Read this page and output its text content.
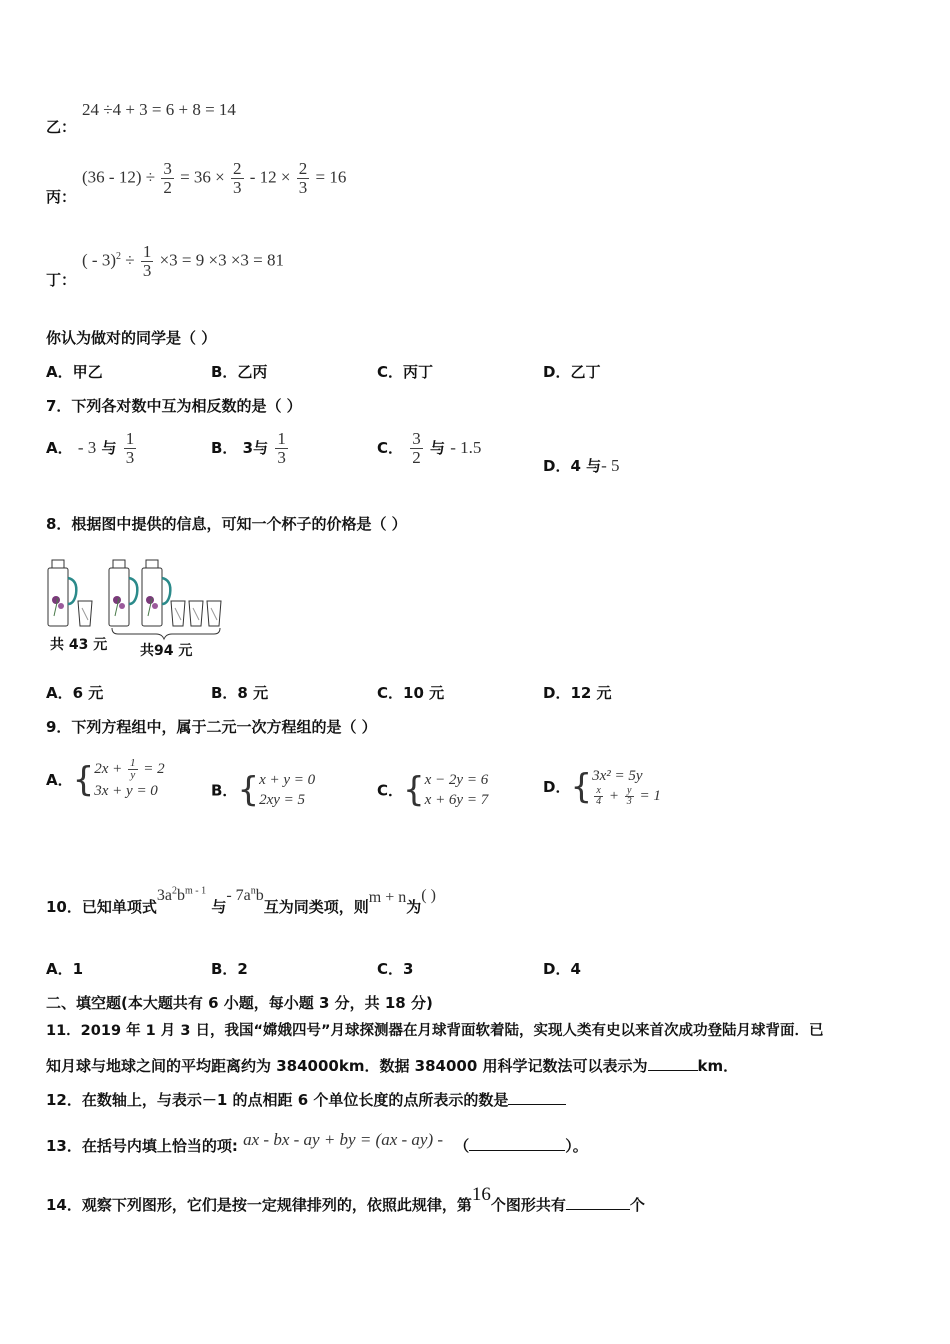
乙：
24 ÷4 + 3 = 6 + 8 = 14
丙：
$(36 - 12) \div \frac{3}{2} = 36 \times \frac{2}{3} - 12 \times \frac{2}{3} = 16$
丁：
( - $3)^2 \div \frac{1}{3} \times 3 = 9 \times 3 \times 3 = 81$
你认为做对的同学是（ ）
A．甲乙	B．乙丙	C．丙丁	D．乙丁
7．下列各对数中互为相反数的是（ ）
A． - 3 与 $\frac{1}{3}$	B． 3与 $\frac{1}{3}$	C． $\frac{3}{2}$ 与 - 1.5
D．4 与- 5
8．根据图中提供的信息，可知一个杯子的价格是（ ）
共 43 元 共94 元
A．6 元	B．8 元	C．10 元	D．12 元
9．下列方程组中，属于二元一次方程组的是（ ）
A．{ $2x + \frac{1}{y} = 2$
3x + y = 0	B．{ x + y = 0
2xy = 5
C．{ x − 2y = 6
x + 6y = 7
D．{ 3x² = 5y
$\frac{x}{4} + \frac{y}{3} = 1$
10．已知单项式$3a^2b^{m - 1}$ 与- $7a^nb$互为同类项，则m + n为( )
A．1	B．2	C．3	D．4
二、填空题(本大题共有 6 小题，每小题 3 分，共 18 分)
11．2019 年 1 月 3 日，我国“嫦娥四号”月球探测器在月球背面软着陆，实现人类有史以来首次成功登陆月球背面．已
知月球与地球之间的平均距离约为 384000km．数据 384000 用科学记数法可以表示为	km．
12．在数轴上，与表示－1 的点相距 6 个单位长度的点所表示的数是
13．在括号内填上恰当的项: ax - bx - ay + by = (ax - ay) - （	）。
14．观察下列图形，它们是按一定规律排列的，依照此规律，第16个图形共有	个
